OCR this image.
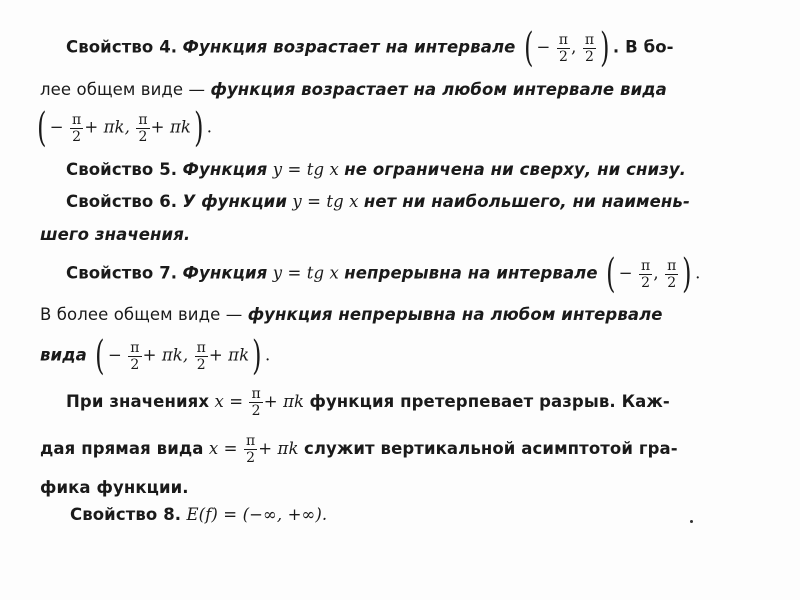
Свойство 4. Функция возрастает на интервале ( − $\frac{\pi}{2}$ , $\frac{\pi}{2}$ ) . В бо-
лее общем виде — функция возрастает на любом интервале вида
( − $\frac{\pi}{2} + \pi k$, $\frac{\pi}{2} + \pi k$) .
Свойство 5. Функция y = tg x не ограничена ни сверху, ни снизу.
Свойство 6. У функции y = tg x нет ни наибольшего, ни наимень-
шего значения.
Свойство 7. Функция y = tg x непрерывна на интервале ( − $\frac{\pi}{2}$ , $\frac{\pi}{2}$ ) .
В более общем виде — функция непрерывна на любом интервале
вида ( − $\frac{\pi}{2} + \pi k$, $\frac{\pi}{2} + \pi k$) .
При значениях $x = \frac{\pi}{2} + \pi k$ функция претерпевает разрыв. Каж-
дая прямая вида $x = \frac{\pi}{2} + \pi k$ служит вертикальной асимптотой гра-
фика функции.
Свойство 8. E(f) = (−∞, +∞).
